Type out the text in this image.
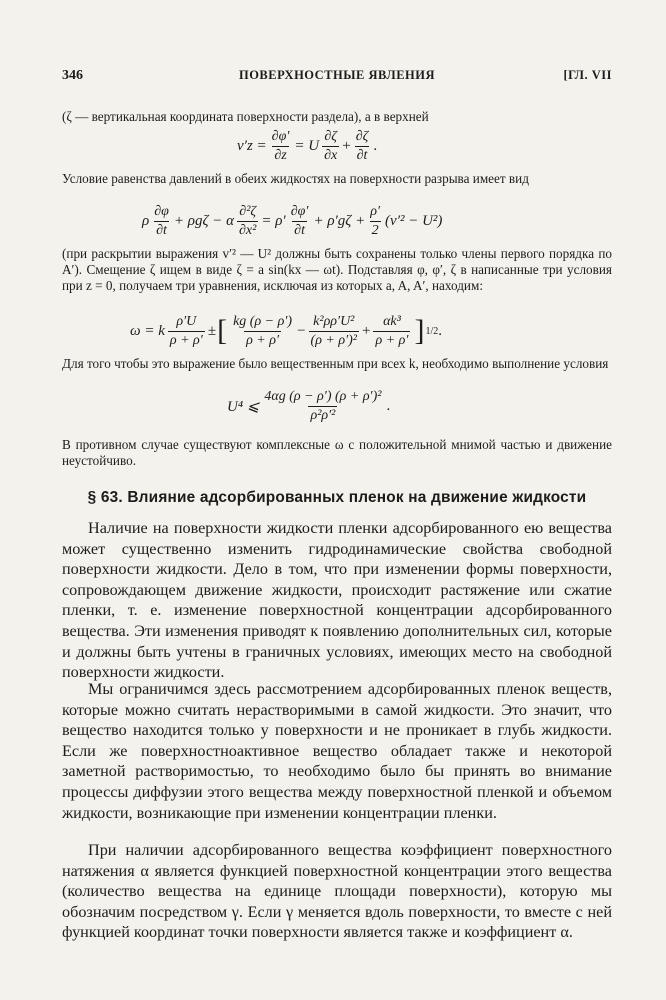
346	ПОВЕРХНОСТНЫЕ ЯВЛЕНИЯ	[ГЛ. VII

(ζ — вертикальная координата поверхности раздела), а в верхней

$v'z = \frac{\partial\varphi'}{\partial z} = U \frac{\partial\zeta}{\partial x} + \frac{\partial\zeta}{\partial t}$ .

Условие равенства давлений в обеих жидкостях на поверхности разрыва имеет вид

ρ $\frac{\partial\varphi}{\partial t} + \rho g\zeta - \alpha \frac{\text{∂²ζ}}{\text{∂x²}} = \rho' \frac{\partial\varphi'}{\partial t} + \rho'g\zeta + \frac{\rho'}{2} (v'^2 - U^2)$

(при раскрытии выражения v′² — U² должны быть сохранены только члены первого порядка по A′). Смещение ζ ищем в виде ζ = a sin(kx — ωt). Подставляя φ, φ′, ζ в написанные три условия при z = 0, получаем три уравнения, исключая из которых a, A, A′, находим:

ω = k $\frac{\rho'U}{\rho + \rho'}$ ± [ $\frac{kg (\rho - \rho')}{\rho + \rho'} - \frac{\text{k²ρρ′U²}}{\text{(ρ + ρ′)²}} + \frac{\text{αk³}}{\rho + \rho'}$ ] 1/2 .

Для того чтобы это выражение было вещественным при всех k, необходимо выполнение условия

U⁴ ⩽ $\frac{\text{4αg (ρ − ρ′) (ρ + ρ′)²}}{\text{ρ²ρ′²}}$ .

В противном случае существуют комплексные ω с положительной мнимой частью и движение неустойчиво.

§ 63. Влияние адсорбированных пленок на движение жидкости

Наличие на поверхности жидкости пленки адсорбированного ею вещества может существенно изменить гидродинамические свойства свободной поверхности жидкости. Дело в том, что при изменении формы поверхности, сопровождающем движение жидкости, происходит растяжение или сжатие пленки, т. е. изменение поверхностной концентрации адсорбированного вещества. Эти изменения приводят к появлению дополнительных сил, которые и должны быть учтены в граничных условиях, имеющих место на свободной поверхности жидкости.

Мы ограничимся здесь рассмотрением адсорбированных пленок веществ, которые можно считать нерастворимыми в самой жидкости. Это значит, что вещество находится только у поверхности и не проникает в глубь жидкости. Если же поверхностноактивное вещество обладает также и некоторой заметной растворимостью, то необходимо было бы принять во внимание процессы диффузии этого вещества между поверхностной пленкой и объемом жидкости, возникающие при изменении концентрации пленки.

При наличии адсорбированного вещества коэффициент поверхностного натяжения α является функцией поверхностной концентрации этого вещества (количество вещества на единице площади поверхности), которую мы обозначим посредством γ. Если γ меняется вдоль поверхности, то вместе с ней функцией координат точки поверхности является также и коэффициент α.
